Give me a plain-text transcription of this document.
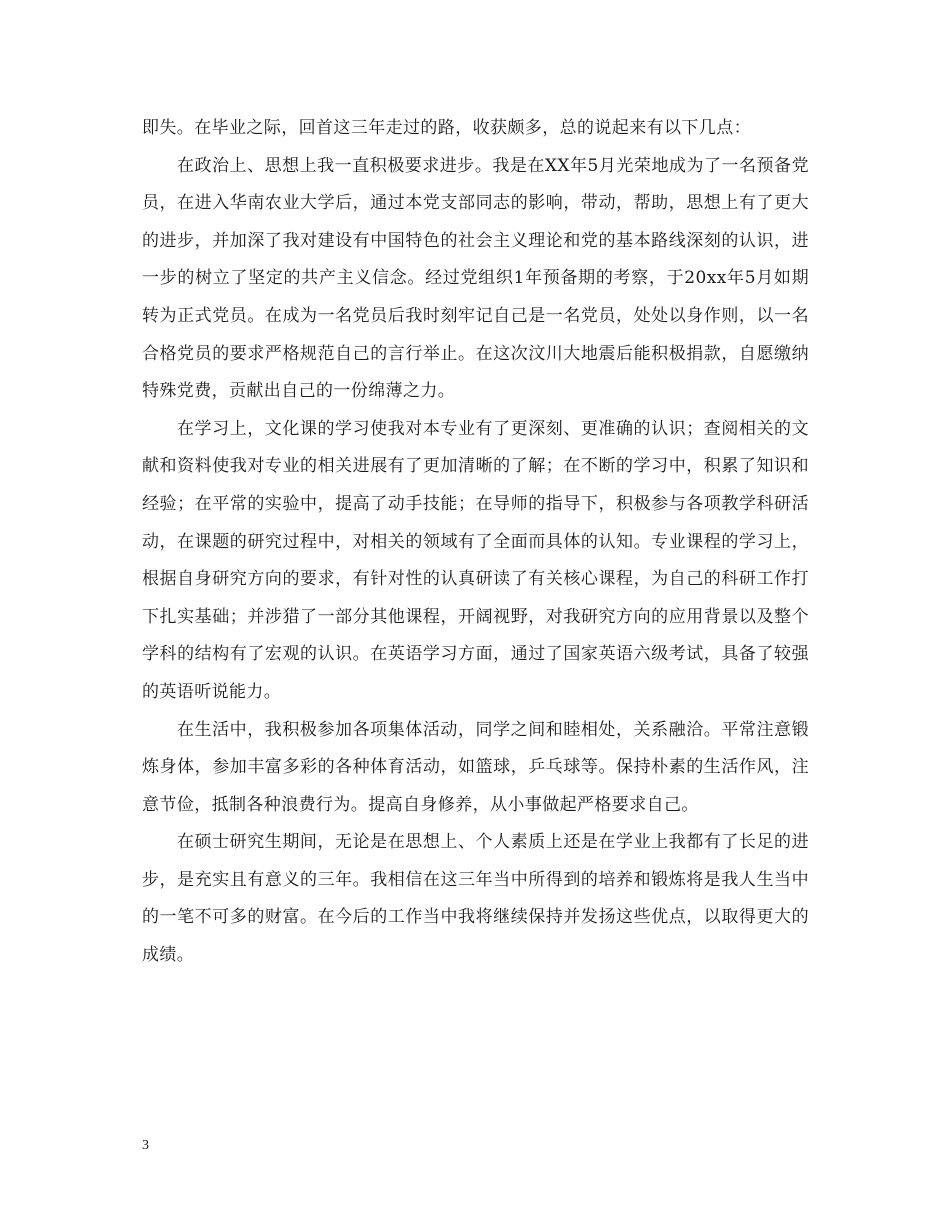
即失。在毕业之际，回首这三年走过的路，收获颇多，总的说起来有以下几点：

在政治上、思想上我一直积极要求进步。我是在XX年5月光荣地成为了一名预备党员，在进入华南农业大学后，通过本党支部同志的影响，带动，帮助，思想上有了更大的进步，并加深了我对建设有中国特色的社会主义理论和党的基本路线深刻的认识，进一步的树立了坚定的共产主义信念。经过党组织1年预备期的考察，于20xx年5月如期转为正式党员。在成为一名党员后我时刻牢记自己是一名党员，处处以身作则，以一名合格党员的要求严格规范自己的言行举止。在这次汶川大地震后能积极捐款，自愿缴纳特殊党费，贡献出自己的一份绵薄之力。

在学习上，文化课的学习使我对本专业有了更深刻、更准确的认识；查阅相关的文献和资料使我对专业的相关进展有了更加清晰的了解；在不断的学习中，积累了知识和经验；在平常的实验中，提高了动手技能；在导师的指导下，积极参与各项教学科研活动，在课题的研究过程中，对相关的领域有了全面而具体的认知。专业课程的学习上，根据自身研究方向的要求，有针对性的认真研读了有关核心课程，为自己的科研工作打下扎实基础；并涉猎了一部分其他课程，开阔视野，对我研究方向的应用背景以及整个学科的结构有了宏观的认识。在英语学习方面，通过了国家英语六级考试，具备了较强的英语听说能力。

在生活中，我积极参加各项集体活动，同学之间和睦相处，关系融洽。平常注意锻炼身体，参加丰富多彩的各种体育活动，如篮球，乒乓球等。保持朴素的生活作风，注意节俭，抵制各种浪费行为。提高自身修养，从小事做起严格要求自己。

在硕士研究生期间，无论是在思想上、个人素质上还是在学业上我都有了长足的进步，是充实且有意义的三年。我相信在这三年当中所得到的培养和锻炼将是我人生当中的一笔不可多的财富。在今后的工作当中我将继续保持并发扬这些优点，以取得更大的成绩。

3
